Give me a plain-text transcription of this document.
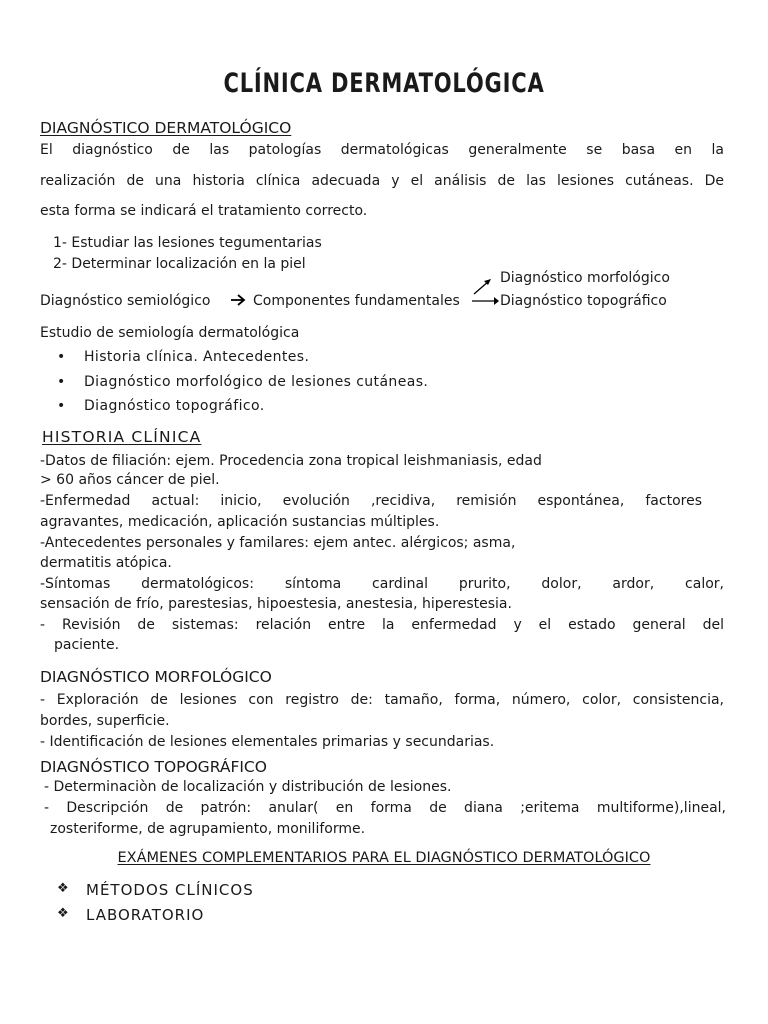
CLÍNICA DERMATOLÓGICA
DIAGNÓSTICO DERMATOLÓGICO
El diagnóstico de las patologías dermatológicas generalmente se basa en la
realización de una historia clínica adecuada y el análisis de las lesiones cutáneas. De
esta forma se indicará el tratamiento correcto.
1- Estudiar las lesiones tegumentarias
2- Determinar localización en la piel
Diagnóstico semiológico	Componentes fundamentales
Diagnóstico morfológico
Diagnóstico topográfico
Estudio de semiología dermatológica
• Historia clínica. Antecedentes.
• Diagnóstico morfológico de lesiones cutáneas.
• Diagnóstico topográfico.
HISTORIA CLÍNICA
-Datos de filiación: ejem. Procedencia zona tropical leishmaniasis, edad
> 60 años cáncer de piel.
-Enfermedad actual: inicio, evolución ,recidiva, remisión espontánea, factores
agravantes, medicación, aplicación sustancias múltiples.
-Antecedentes personales y familares: ejem antec. alérgicos; asma,
dermatitis atópica.
-Síntomas dermatológicos: síntoma cardinal prurito, dolor, ardor, calor,
sensación de frío, parestesias, hipoestesia, anestesia, hiperestesia.
- Revisión de sistemas: relación entre la enfermedad y el estado general del
paciente.
DIAGNÓSTICO MORFOLÓGICO
- Exploración de lesiones con registro de: tamaño, forma, número, color, consistencia,
bordes, superficie.
- Identificación de lesiones elementales primarias y secundarias.
DIAGNÓSTICO TOPOGRÁFICO
- Determinaciòn de localización y distribución de lesiones.
- Descripción de patrón: anular( en forma de diana ;eritema multiforme),lineal,
zosteriforme, de agrupamiento, moniliforme.
EXÁMENES COMPLEMENTARIOS PARA EL DIAGNÓSTICO DERMATOLÓGICO
❖ MÉTODOS CLÍNICOS
❖ LABORATORIO
